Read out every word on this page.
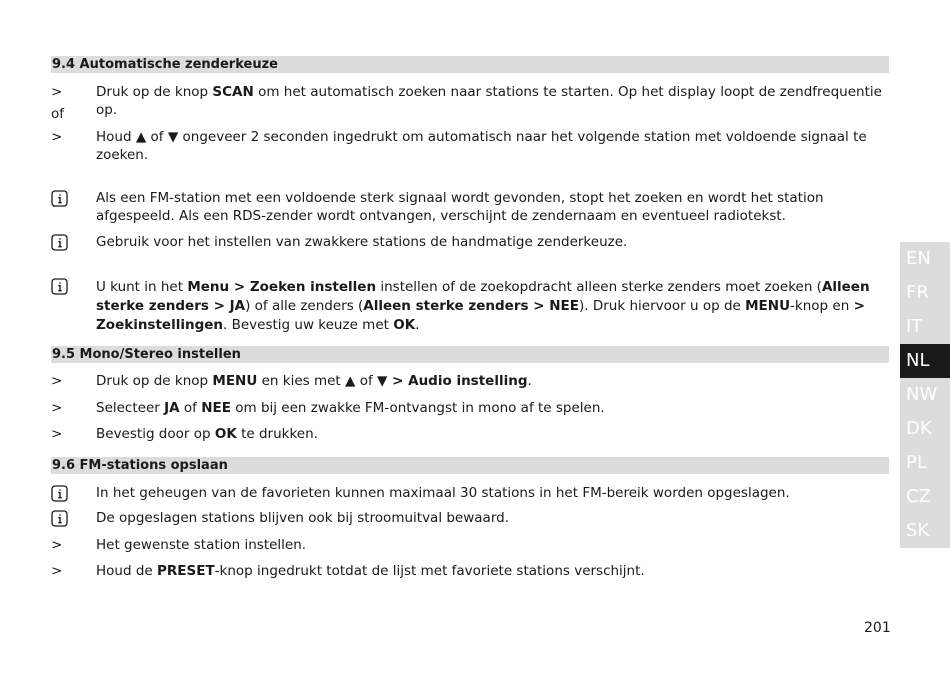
9.4 Automatische zenderkeuze
>	Druk op de knop SCAN om het automatisch zoeken naar stations te starten. Op het display loopt de zendfrequentie op.
of
>	Houd ▲ of ▼ ongeveer 2 seconden ingedrukt om automatisch naar het volgende station met voldoende signaal te zoeken.
Als een FM-station met een voldoende sterk signaal wordt gevonden, stopt het zoeken en wordt het station afgespeeld. Als een RDS-zender wordt ontvangen, verschijnt de zendernaam en eventueel radiotekst.
Gebruik voor het instellen van zwakkere stations de handmatige zenderkeuze.
U kunt in het Menu > Zoeken instellen instellen of de zoekopdracht alleen sterke zenders moet zoeken (Alleen sterke zenders > JA) of alle zenders (Alleen sterke zenders > NEE). Druk hiervoor u op de MENU-knop en > Zoekinstellingen. Bevestig uw keuze met OK.
9.5 Mono/Stereo instellen
>	Druk op de knop MENU en kies met ▲ of ▼ > Audio instelling.
>	Selecteer JA of NEE om bij een zwakke FM-ontvangst in mono af te spelen.
>	Bevestig door op OK te drukken.
9.6 FM-stations opslaan
In het geheugen van de favorieten kunnen maximaal 30 stations in het FM-bereik worden opgeslagen.
De opgeslagen stations blijven ook bij stroomuitval bewaard.
>	Het gewenste station instellen.
>	Houd de PRESET-knop ingedrukt totdat de lijst met favoriete stations verschijnt.
EN
FR
IT
NL
NW
DK
PL
CZ
SK
201
